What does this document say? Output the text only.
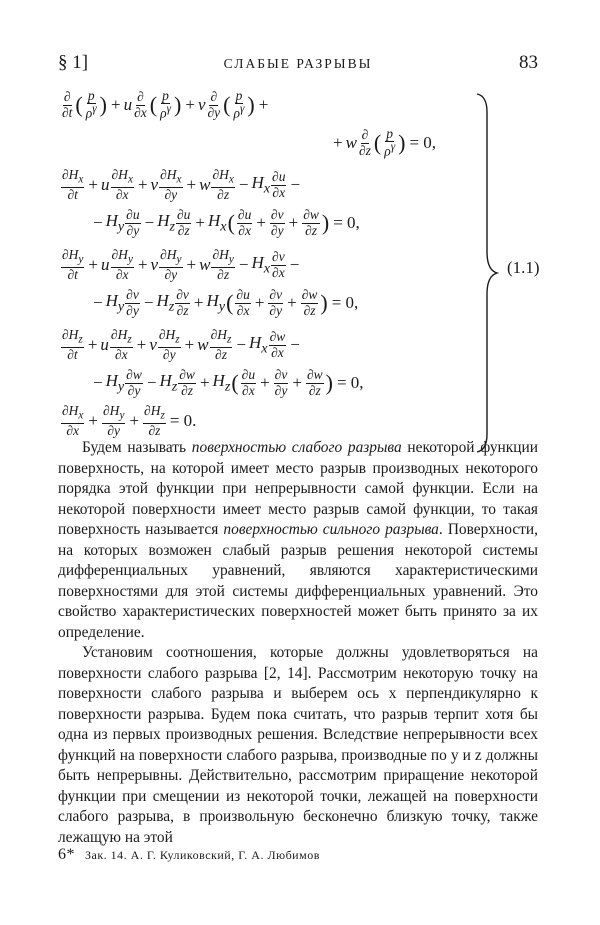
§ 1]	СЛАБЫЕ РАЗРЫВЫ	83
∂
∂t ( p
$\rho^\gamma$ ) + u ∂
∂x ( p
$\rho^\gamma$ ) + v ∂
∂y ( p
$\rho^\gamma$ ) +
+ w ∂
∂z ( p
$\rho^\gamma$ ) = 0,
$\partial H_x$
∂t
+ u
$\partial H_x$
∂x
+ v
$\partial H_x$
∂y
+ w
$\partial H_x$
∂z
− $H_x$
∂u
∂x −
− $H_y$
∂u
$\partial y - H_z$
∂u
$\partial z + H_x$ ( ∂u
$\partial x + \frac{\partial v}{\partial y} + \frac{\partial w}{\partial z}$ ) = 0,
$\partial H_y$
∂t
+ u
$\partial H_y$
∂x
+ v
$\partial H_y$
∂y
+ w
$\partial H_y$
∂z
− $H_x$
∂v
∂x −
− $H_y$
∂v
$\partial y - H_z$
∂v
$\partial z + H_y$ ( ∂u
$\partial x + \frac{\partial v}{\partial y} + \frac{\partial w}{\partial z}$ ) = 0,
$\partial H_z$
∂t
+ u
$\partial H_z$
∂x
+ v
$\partial H_z$
∂y
+ w
$\partial H_z$
∂z
− $H_x$
∂w
∂x −
− $H_y$
∂w
$\partial y - H_z$
∂w
$\partial z + H_z$ ( ∂u
$\partial x + \frac{\partial v}{\partial y} + \frac{\partial w}{\partial z}$ ) = 0,
$\partial H_x$
∂x
+ $\frac{\partial H_y}{\partial y} + \frac{\partial H_z}{\partial z} = 0$.
(1.1)

Будем называть поверхностью слабого разрыва некоторой функции поверхность, на которой имеет место разрыв производных некоторого порядка этой функции при непрерывности самой функции. Если на некоторой поверхности имеет место разрыв самой функции, то такая поверхность называется поверхностью сильного разрыва. Поверхности, на которых возможен слабый разрыв решения некоторой системы дифференциальных уравнений, являются характеристическими поверхностями для этой системы дифференциальных уравнений. Это свойство характеристических поверхностей может быть принято за их определение.

Установим соотношения, которые должны удовлетворяться на поверхности слабого разрыва [2, 14]. Рассмотрим некоторую точку на поверхности слабого разрыва и выберем ось x перпендикулярно к поверхности разрыва. Будем пока считать, что разрыв терпит хотя бы одна из первых производных решения. Вследствие непрерывности всех функций на поверхности слабого разрыва, производные по y и z должны быть непрерывны. Действительно, рассмотрим приращение некоторой функции при смещении из некоторой точки, лежащей на поверхности слабого разрыва, в произвольную бесконечно близкую точку, также лежащую на этой

6* Зак. 14. А. Г. Куликовский, Г. А. Любимов
